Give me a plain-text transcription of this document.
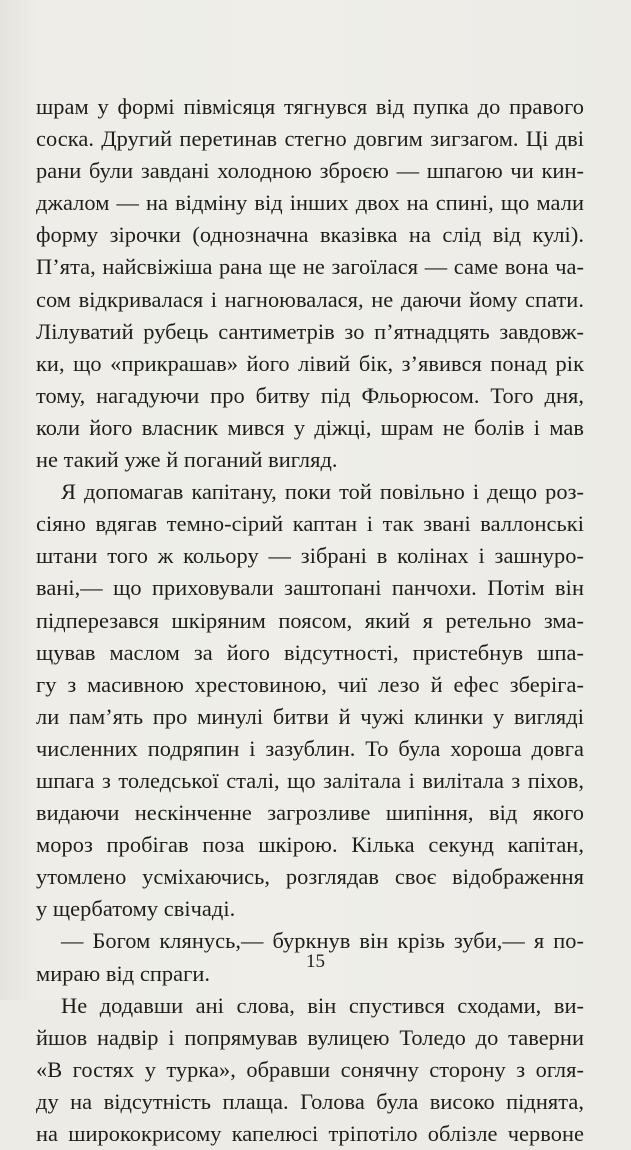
шрам у формі півмісяця тягнувся від пупка до правого
соска. Другий перетинав стегно довгим зигзагом. Ці дві
рани були завдані холодною зброєю — шпагою чи кин-
джалом — на відміну від інших двох на спині, що мали
форму зірочки (однозначна вказівка на слід від кулі).
П’ята, найсвіжіша рана ще не загоїлася — саме вона ча-
сом відкривалася і нагноювалася, не даючи йому спати.
Лілуватий рубець сантиметрів зо п’ятнадцять завдовж-
ки, що «прикрашав» його лівий бік, з’явився понад рік
тому, нагадуючи про битву під Фльорюсом. Того дня,
коли його власник мився у діжці, шрам не болів і мав
не такий уже й поганий вигляд.
Я допомагав капітану, поки той повільно і дещо роз-
сіяно вдягав темно-сірий каптан і так звані валлонські
штани того ж кольору — зібрані в колінах і зашнуро-
вані,— що приховували заштопані панчохи. Потім він
підперезався шкіряним поясом, який я ретельно зма-
щував маслом за його відсутності, пристебнув шпа-
гу з масивною хрестовиною, чиї лезо й ефес зберіга-
ли пам’ять про минулі битви й чужі клинки у вигляді
численних подряпин і зазублин. То була хороша довга
шпага з толедської сталі, що залітала і вилітала з піхов,
видаючи нескінченне загрозливе шипіння, від якого
мороз пробігав поза шкірою. Кілька секунд капітан,
утомлено усміхаючись, розглядав своє відображення
у щербатому свічаді.
— Богом клянусь,— буркнув він крізь зуби,— я по-
мираю від спраги.
Не додавши ані слова, він спустився сходами, ви-
йшов надвір і попрямував вулицею Толедо до таверни
«В гостях у турка», обравши сонячну сторону з огля-
ду на відсутність плаща. Голова була високо піднята,
на ширококрисому капелюсі тріпотіло облізле червоне
15
